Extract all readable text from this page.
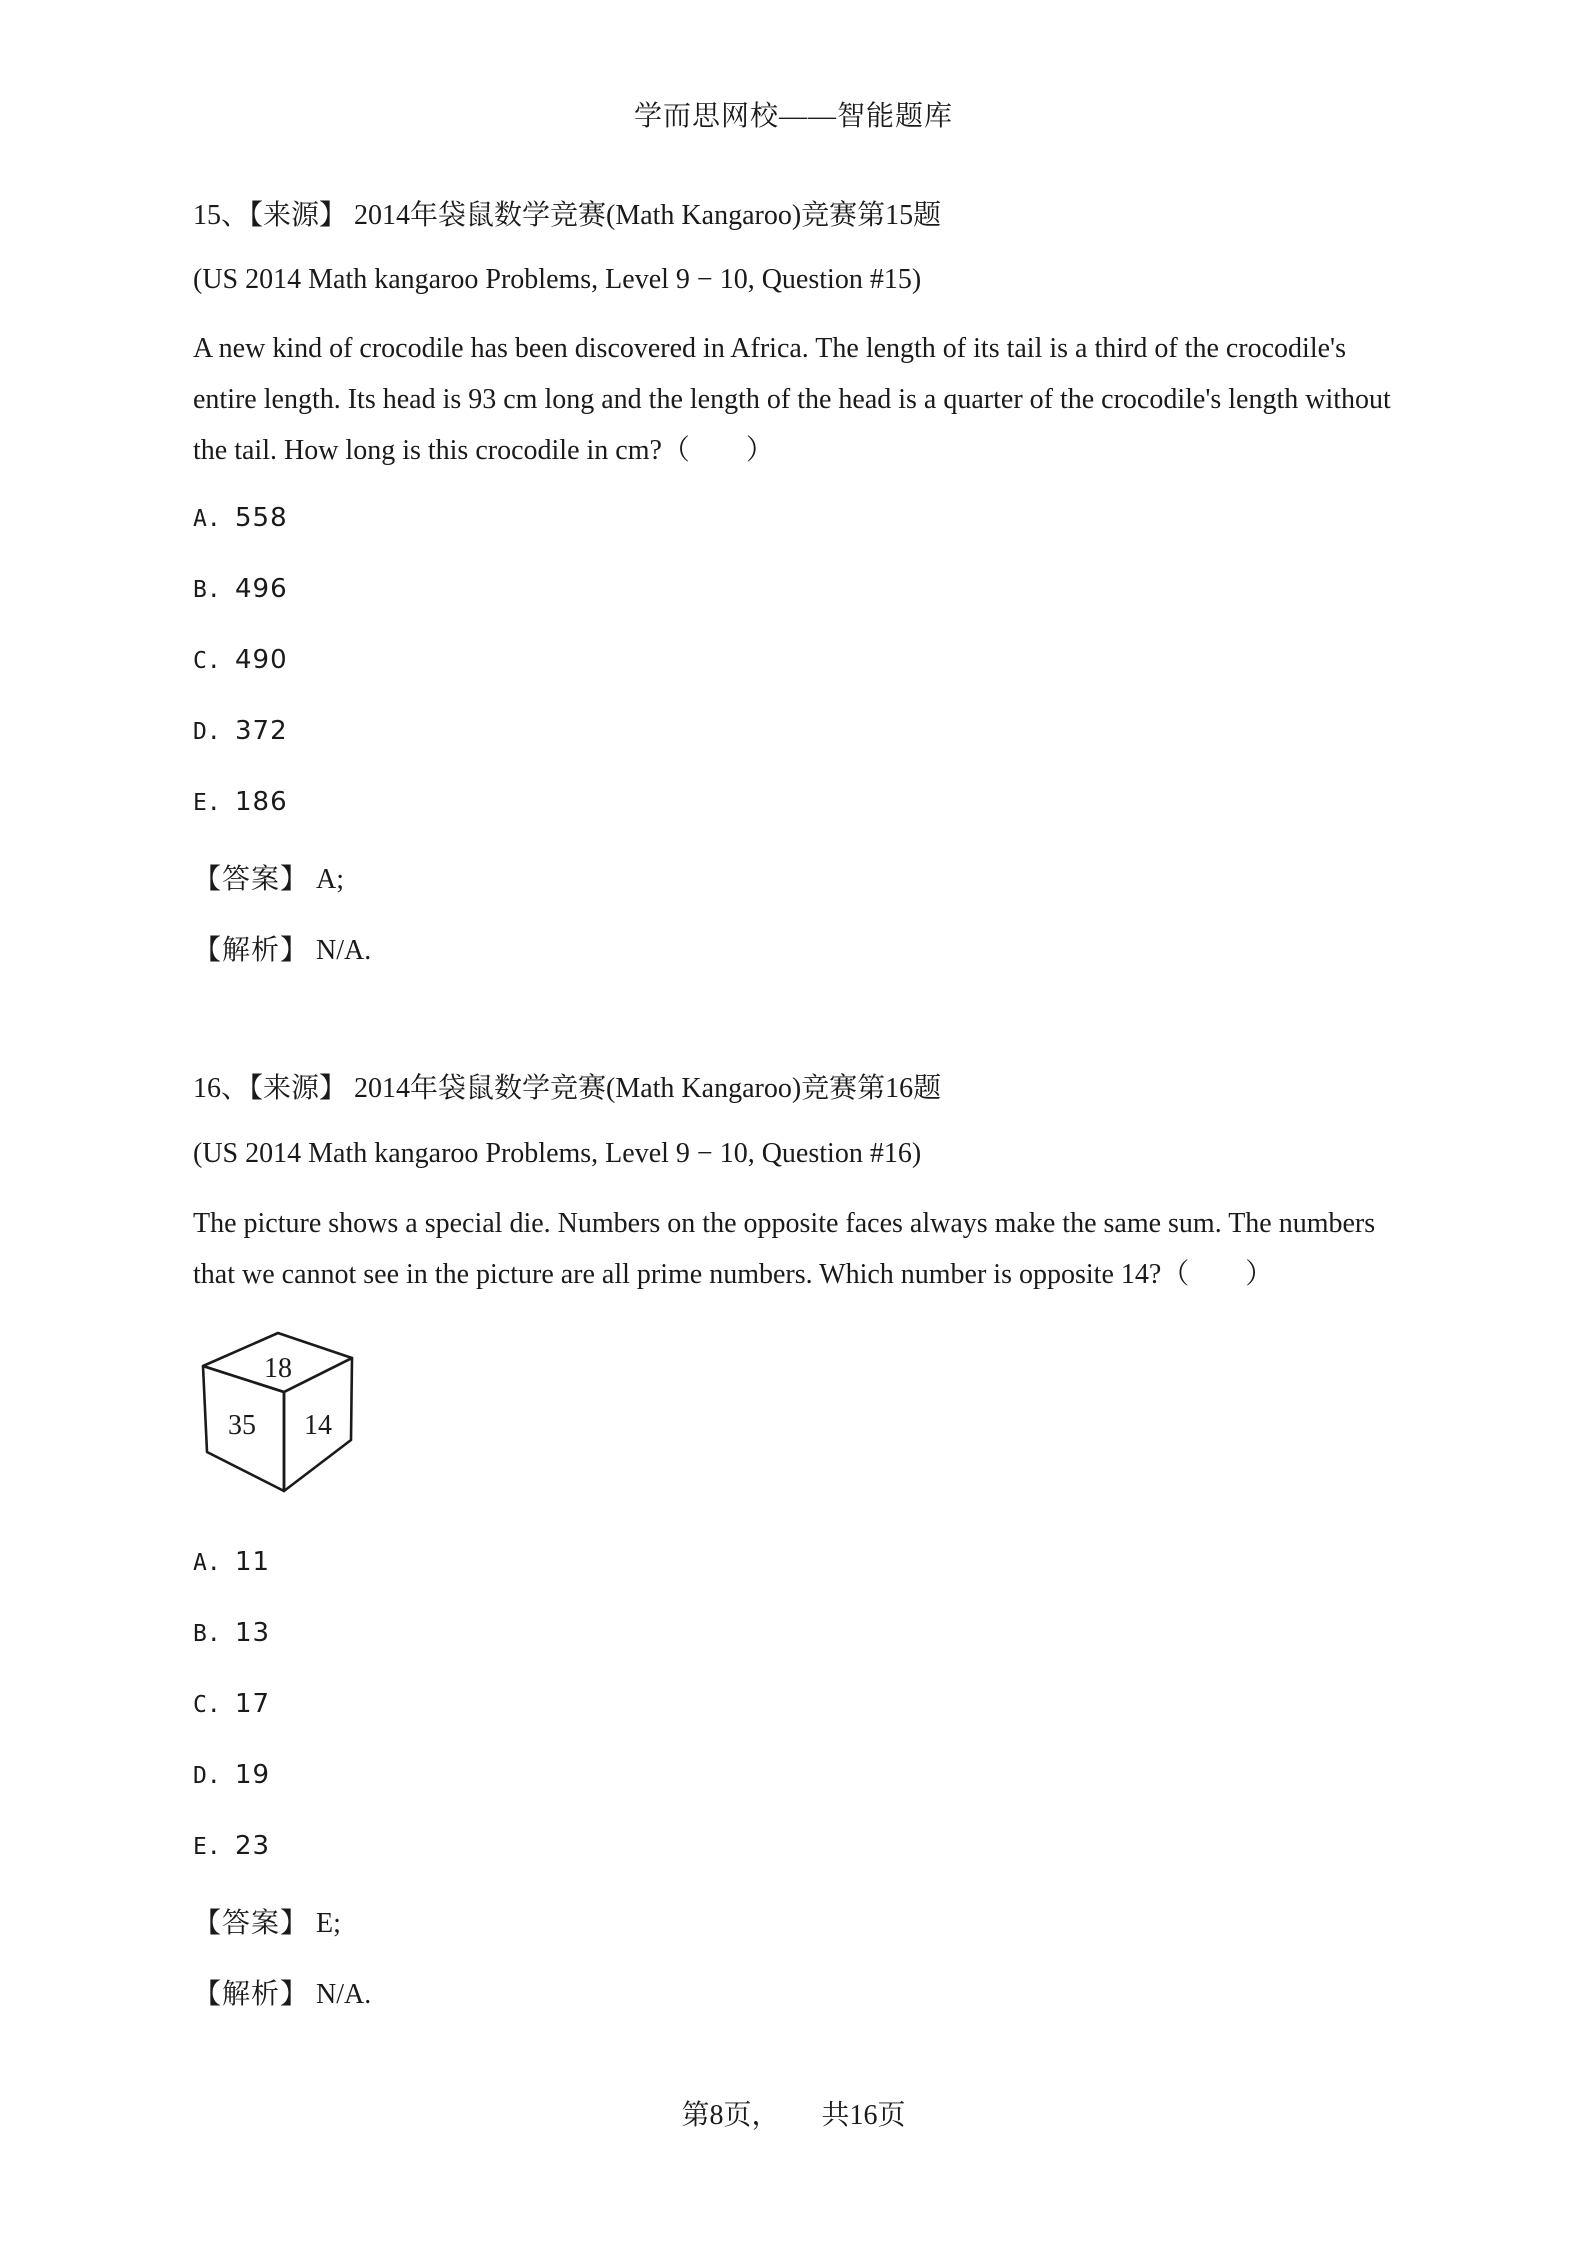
学而思网校——智能题库
15、【来源】 2014年袋鼠数学竞赛(Math Kangaroo)竞赛第15题
(US 2014 Math kangaroo Problems, Level 9 − 10, Question #15)
A new kind of crocodile has been discovered in Africa. The length of its tail is a third of the crocodile's entire length. Its head is 93 cm long and the length of the head is a quarter of the crocodile's length without the tail. How long is this crocodile in cm?（　　）
A. 558
B. 496
C. 490
D. 372
E. 186
【答案】 A;
【解析】 N/A.
16、【来源】 2014年袋鼠数学竞赛(Math Kangaroo)竞赛第16题
(US 2014 Math kangaroo Problems, Level 9 − 10, Question #16)
The picture shows a special die. Numbers on the opposite faces always make the same sum. The numbers that we cannot see in the picture are all prime numbers. Which number is opposite 14?（　　）
18
35 14
A. 11
B. 13
C. 17
D. 19
E. 23
【答案】 E;
【解析】 N/A.
第8页， 共16页
